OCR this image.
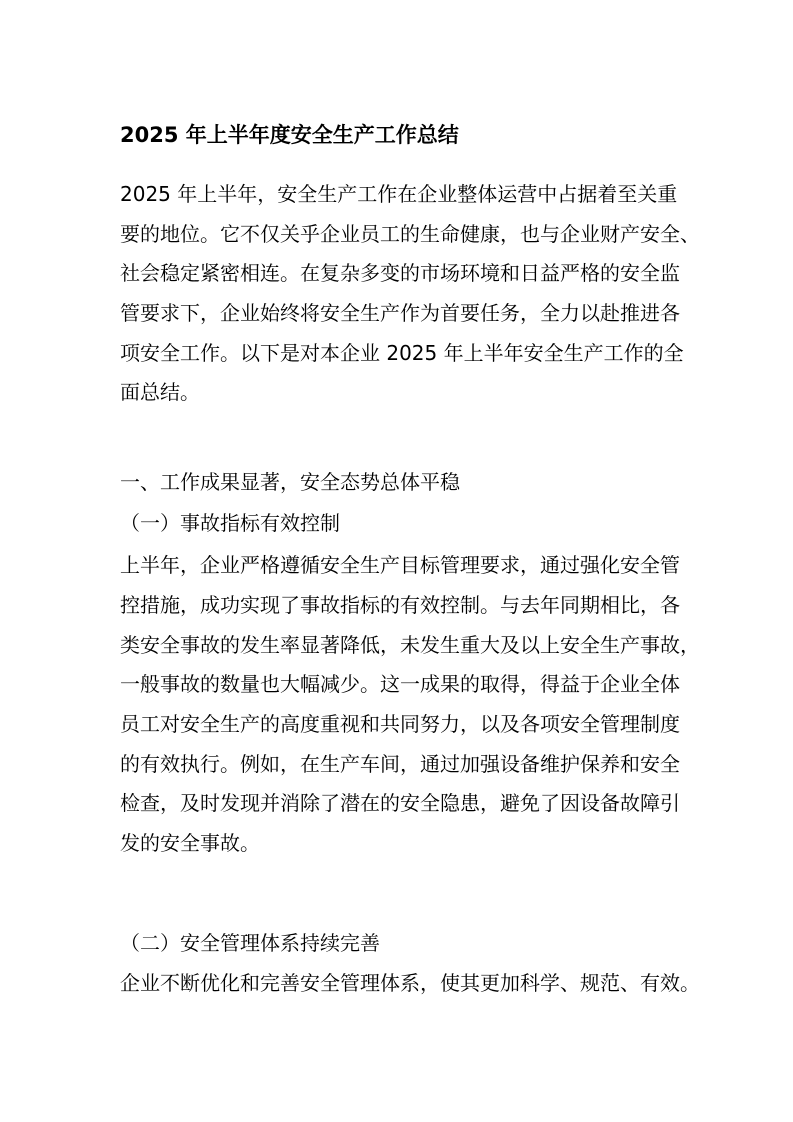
2025 年上半年度安全生产工作总结
2025 年上半年，安全生产工作在企业整体运营中占据着至关重
要的地位。它不仅关乎企业员工的生命健康，也与企业财产安全、
社会稳定紧密相连。在复杂多变的市场环境和日益严格的安全监
管要求下，企业始终将安全生产作为首要任务，全力以赴推进各
项安全工作。以下是对本企业 2025 年上半年安全生产工作的全
面总结。
一、工作成果显著，安全态势总体平稳
（一）事故指标有效控制
上半年，企业严格遵循安全生产目标管理要求，通过强化安全管
控措施，成功实现了事故指标的有效控制。与去年同期相比，各
类安全事故的发生率显著降低，未发生重大及以上安全生产事故，
一般事故的数量也大幅减少。这一成果的取得，得益于企业全体
员工对安全生产的高度重视和共同努力，以及各项安全管理制度
的有效执行。例如，在生产车间，通过加强设备维护保养和安全
检查，及时发现并消除了潜在的安全隐患，避免了因设备故障引
发的安全事故。
（二）安全管理体系持续完善
企业不断优化和完善安全管理体系，使其更加科学、规范、有效。
